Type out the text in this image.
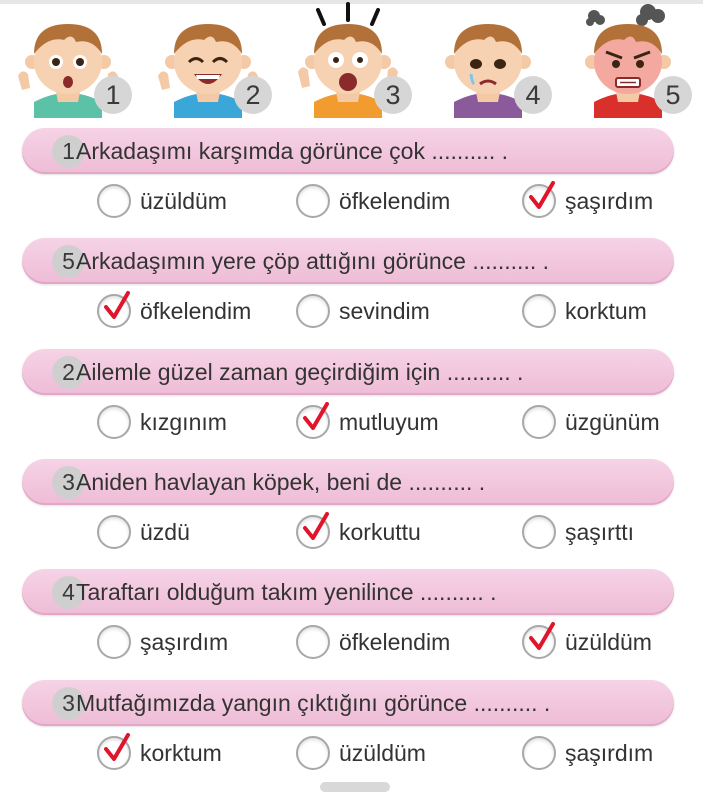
1	2	3	4	5
1 Arkadaşımı karşımda görünce çok .......... .
üzüldüm	öfkelendim	şaşırdım
5 Arkadaşımın yere çöp attığını görünce .......... .
öfkelendim	sevindim	korktum
2 Ailemle güzel zaman geçirdiğim için .......... .
kızgınım	mutluyum	üzgünüm
3 Aniden havlayan köpek, beni de .......... .
üzdü	korkuttu	şaşırttı
4 Taraftarı olduğum takım yenilince .......... .
şaşırdım	öfkelendim	üzüldüm
3 Mutfağımızda yangın çıktığını görünce .......... .
korktum	üzüldüm	şaşırdım
